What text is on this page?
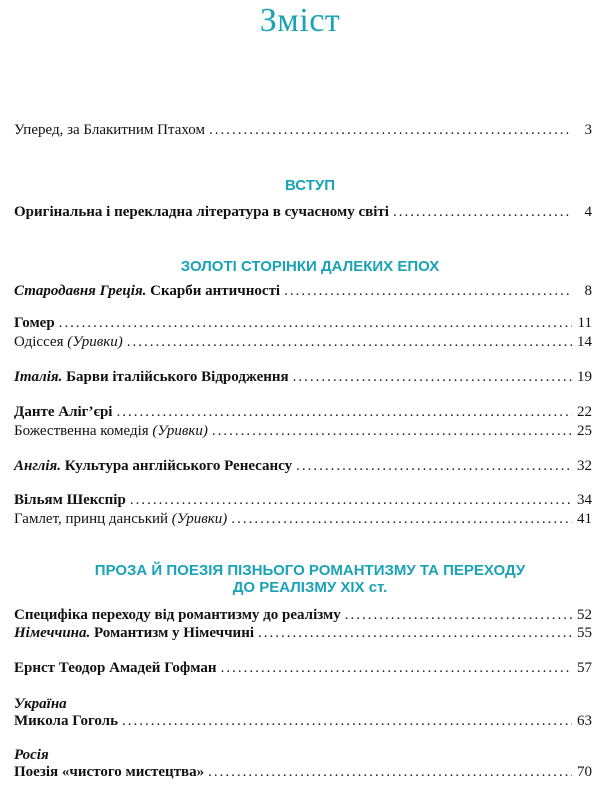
Зміст
Уперед, за Блакитним Птахом .....	3
ВСТУП
Оригінальна і перекладна література в сучасному світі .....	4
ЗОЛОТІ СТОРІНКИ ДАЛЕКИХ ЕПОХ
Стародавня Греція. Скарби античності .....	8
Гомер .....	11
Одіссея (Уривки) .....	14
Італія. Барви італійського Відродження .....	19
Данте Аліг’єрі .....	22
Божественна комедія (Уривки) .....	25
Англія. Культура англійського Ренесансу .....	32
Вільям Шекспір .....	34
Гамлет, принц данський (Уривки) .....	41
ПРОЗА Й ПОЕЗІЯ ПІЗНЬОГО РОМАНТИЗМУ ТА ПЕРЕХОДУ
ДО РЕАЛІЗМУ XIX ст.
Специфіка переходу від романтизму до реалізму .....	52
Німеччина. Романтизм у Німеччині .....	55
Ернст Теодор Амадей Гофман .....	57
Україна
Микола Гоголь .....	63
Росія
Поезія «чистого мистецтва» .....	70
